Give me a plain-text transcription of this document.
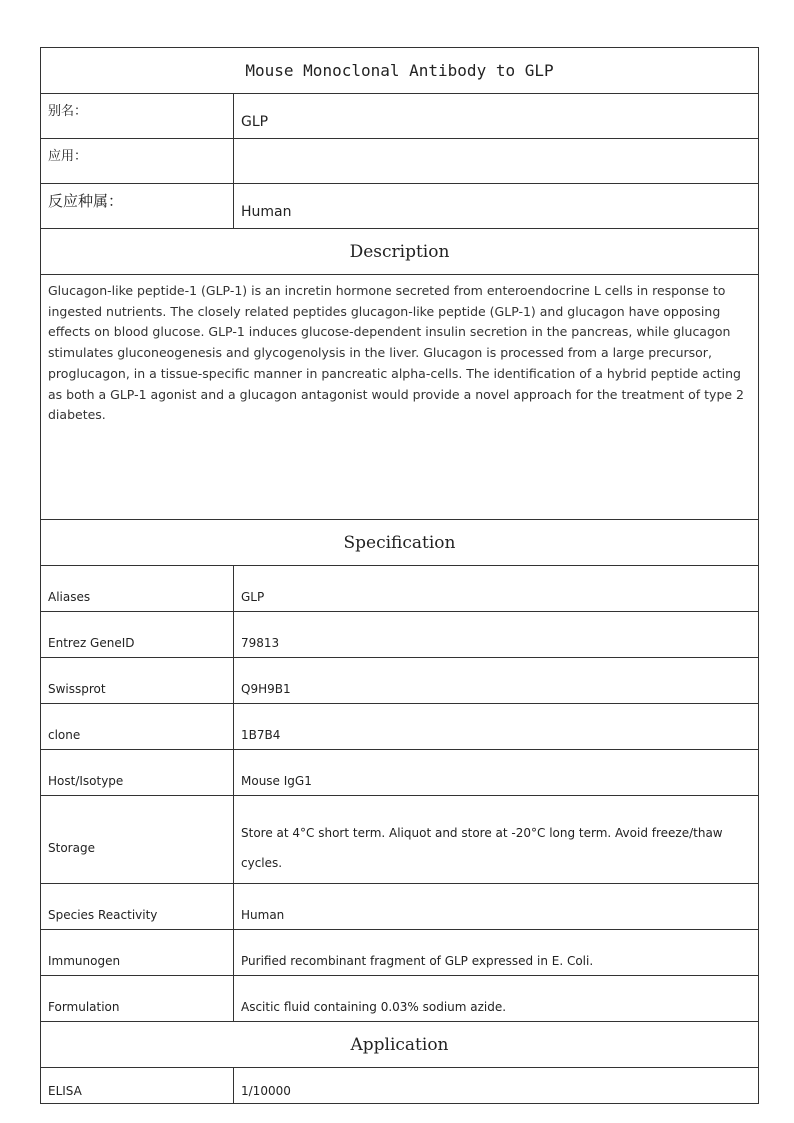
Mouse Monoclonal Antibody to GLP	
别名：	GLP
应用：	
反应种属：	Human
Description	
Glucagon-like peptide-1 (GLP-1) is an incretin hormone secreted from enteroendocrine L cells in response to ingested nutrients. The closely related peptides glucagon-like peptide (GLP-1) and glucagon have opposing effects on blood glucose. GLP-1 induces glucose-dependent insulin secretion in the pancreas, while glucagon stimulates gluconeogenesis and glycogenolysis in the liver. Glucagon is processed from a large precursor, proglucagon, in a tissue-specific manner in pancreatic alpha-cells. The identification of a hybrid peptide acting as both a GLP-1 agonist and a glucagon antagonist would provide a novel approach for the treatment of type 2 diabetes.	
Specification	
Aliases	GLP
Entrez GeneID	79813
Swissprot	Q9H9B1
clone	1B7B4
Host/Isotype	Mouse IgG1
Storage	Store at 4°C short term. Aliquot and store at -20°C long term. Avoid freeze/thaw cycles.
Species Reactivity	Human
Immunogen	Purified recombinant fragment of GLP expressed in E. Coli.
Formulation	Ascitic fluid containing 0.03% sodium azide.
Application	
ELISA	1/10000
